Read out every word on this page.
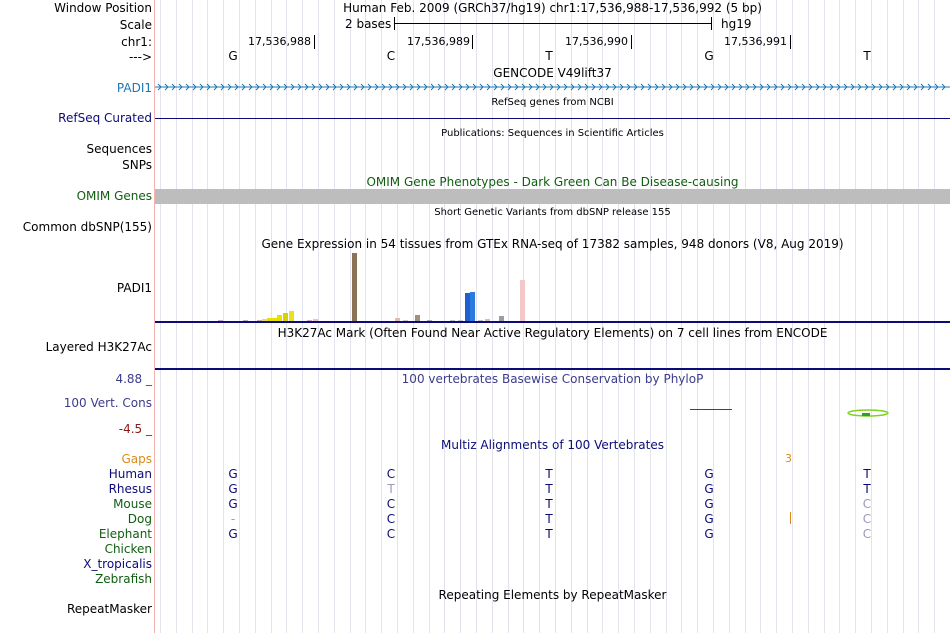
Window Position
Scale
chr1:
--->
Human Feb. 2009 (GRCh37/hg19) chr1:17,536,988-17,536,992 (5 bp)
2 bases	hg19
17,536,988	17,536,989	17,536,990	17,536,991
G	C	T	G	T
GENCODE V49lift37
PADI1
RefSeq genes from NCBI
RefSeq Curated
Publications: Sequences in Scientific Articles
Sequences
SNPs
OMIM Gene Phenotypes - Dark Green Can Be Disease-causing
OMIM Genes
Short Genetic Variants from dbSNP release 155
Common dbSNP(155)
Gene Expression in 54 tissues from GTEx RNA-seq of 17382 samples, 948 donors (V8, Aug 2019)
PADI1
H3K27Ac Mark (Often Found Near Active Regulatory Elements) on 7 cell lines from ENCODE
Layered H3K27Ac
100 vertebrates Basewise Conservation by PhyloP
4.88 _
100 Vert. Cons
-4.5 _
Multiz Alignments of 100 Vertebrates
Gaps	3
Human	G	C	T	G	T
Rhesus	G	T	T	G	T
Mouse	G	C	T	G	C
Dog	-	C	T	G	C
Elephant	G	C	T	G	C
Chicken
X_tropicalis
Zebrafish
Repeating Elements by RepeatMasker
RepeatMasker
